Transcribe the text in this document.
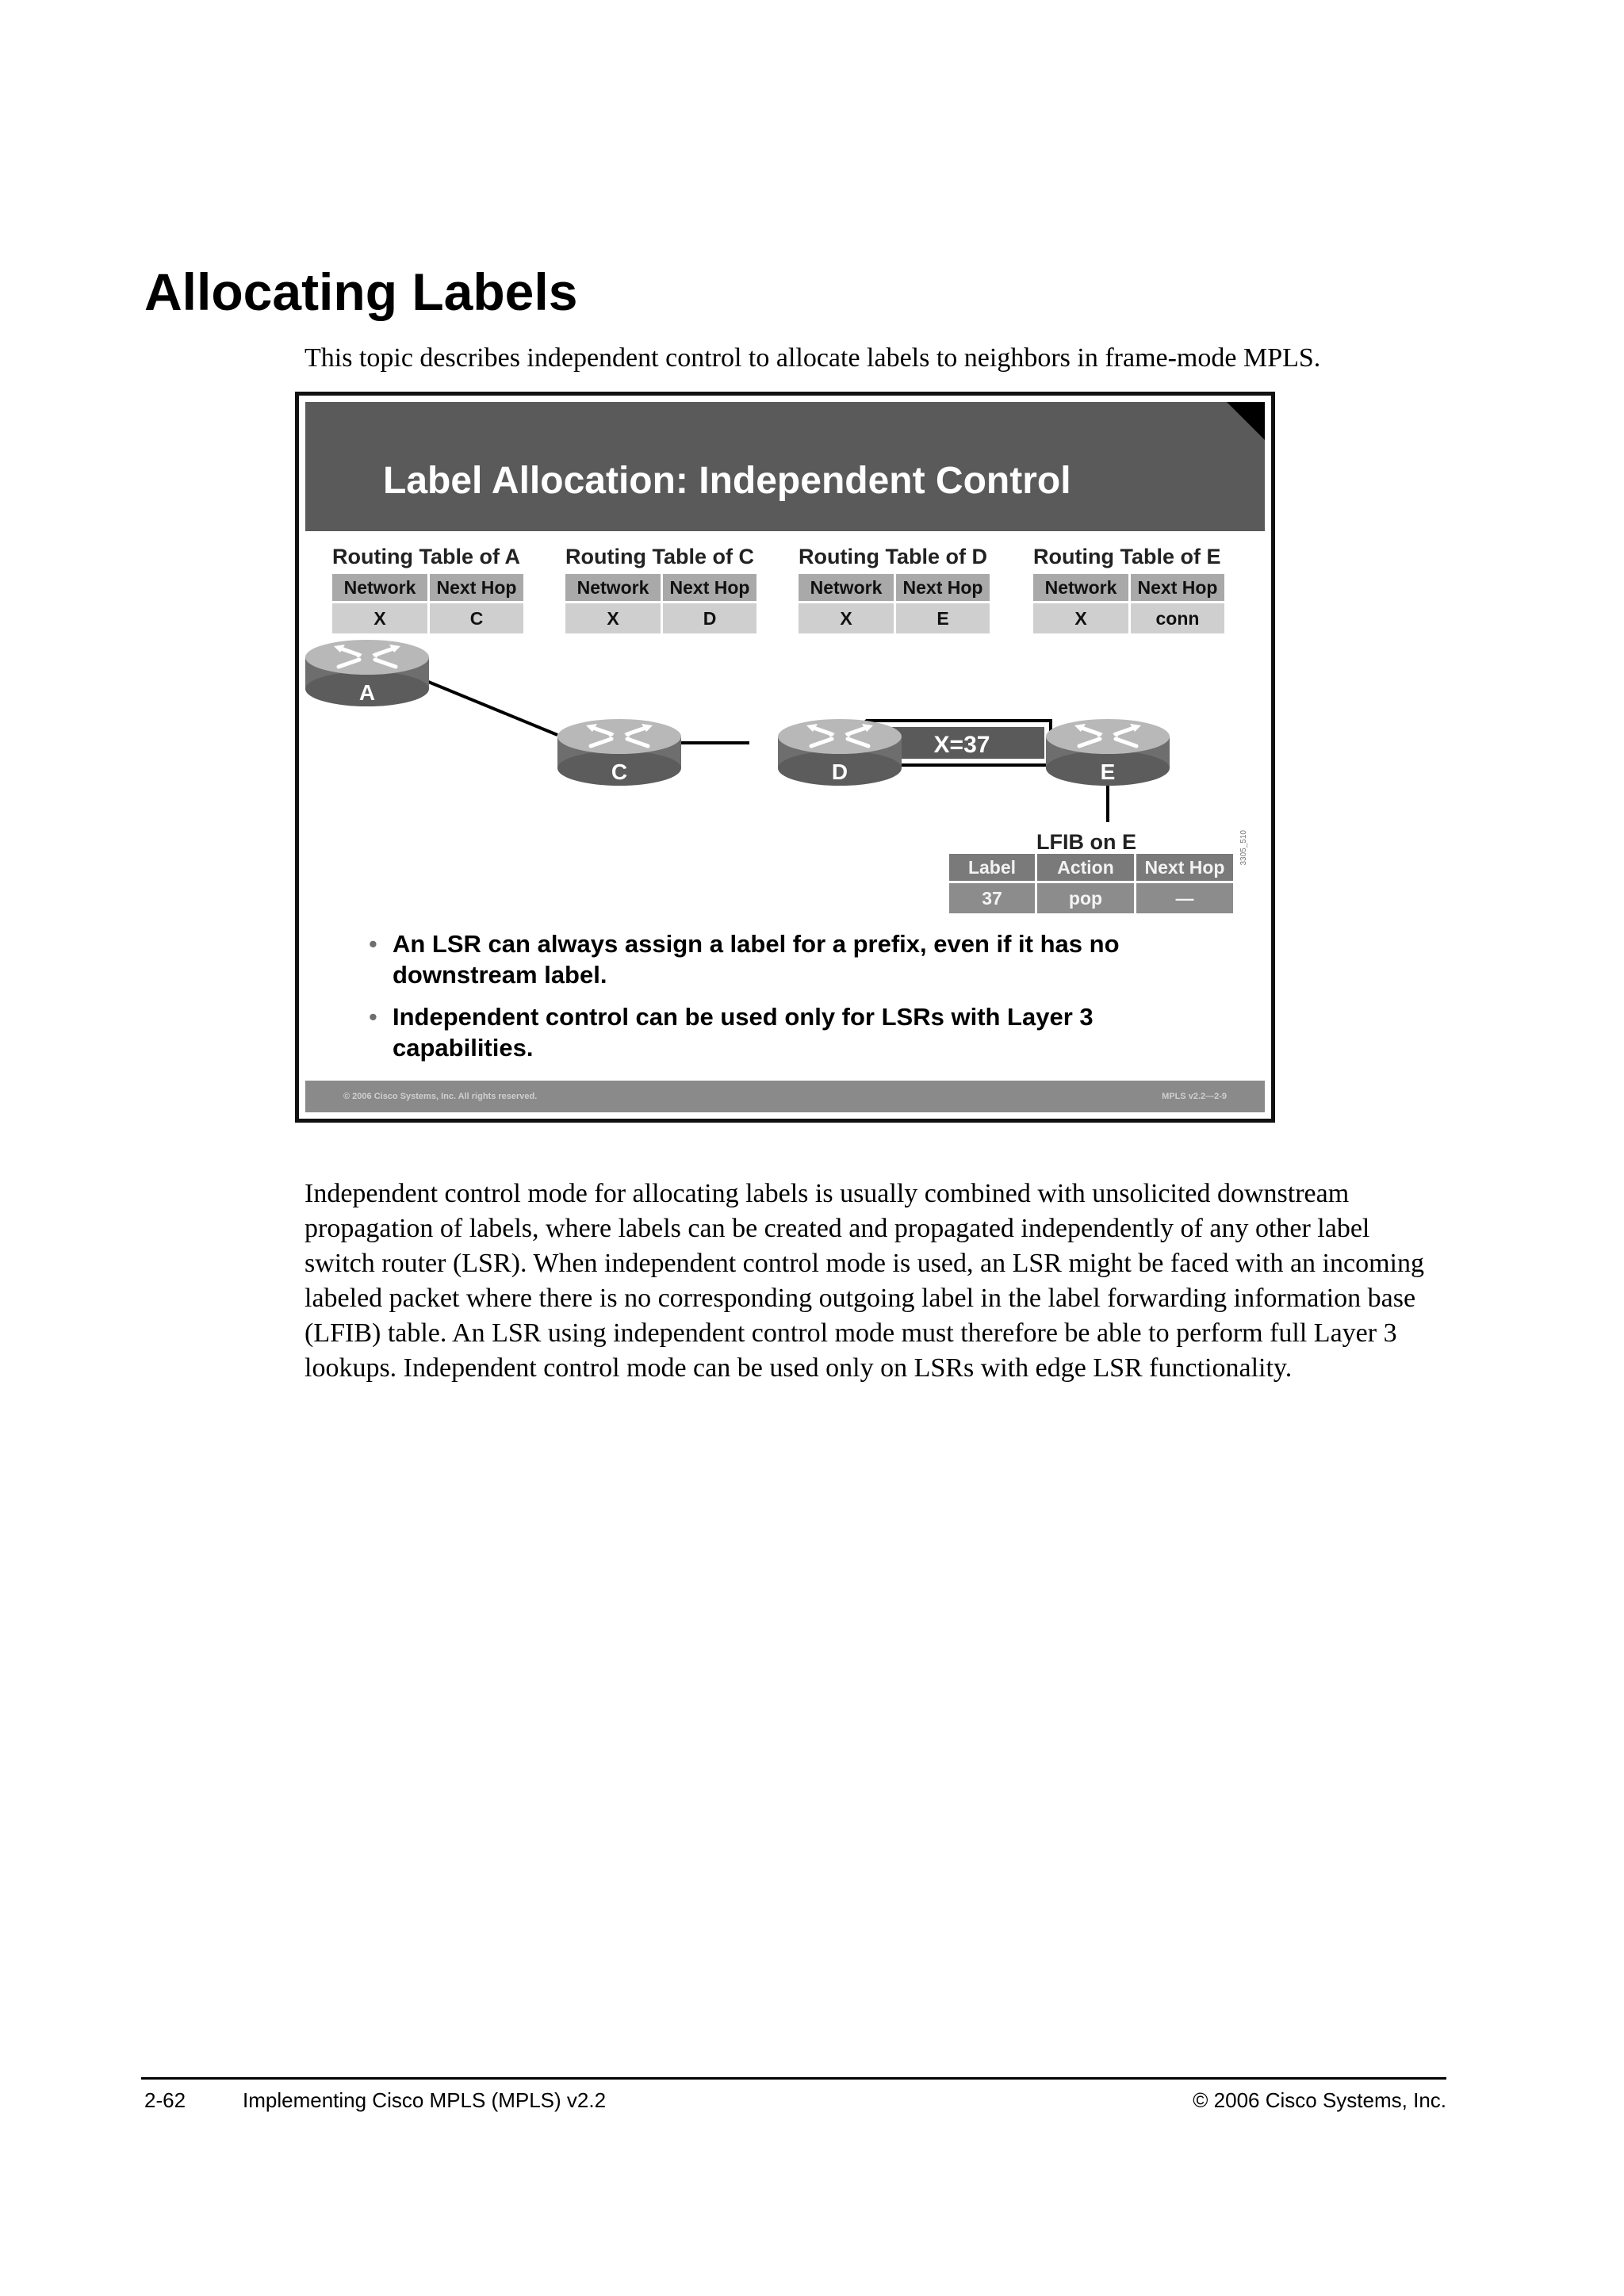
Allocating Labels

This topic describes independent control to allocate labels to neighbors in frame-mode MPLS.

Label Allocation: Independent Control
Routing Table of A
Network	Next Hop
X	C
Routing Table of C
Network	Next Hop
X	D
Routing Table of D
Network	Next Hop
X	E
Routing Table of E
Network	Next Hop
X	conn
X=37
A
C	D	E
LFIB on E
Label	Action	Next Hop
37	pop	—
3305_510
• An LSR can always assign a label for a prefix, even if it has no downstream label.
• Independent control can be used only for LSRs with Layer 3 capabilities.
© 2006 Cisco Systems, Inc. All rights reserved.	MPLS v2.2—2-9

Independent control mode for allocating labels is usually combined with unsolicited downstream propagation of labels, where labels can be created and propagated independently of any other label switch router (LSR). When independent control mode is used, an LSR might be faced with an incoming labeled packet where there is no corresponding outgoing label in the label forwarding information base (LFIB) table. An LSR using independent control mode must therefore be able to perform full Layer 3 lookups. Independent control mode can be used only on LSRs with edge LSR functionality.

2-62	Implementing Cisco MPLS (MPLS) v2.2	© 2006 Cisco Systems, Inc.
